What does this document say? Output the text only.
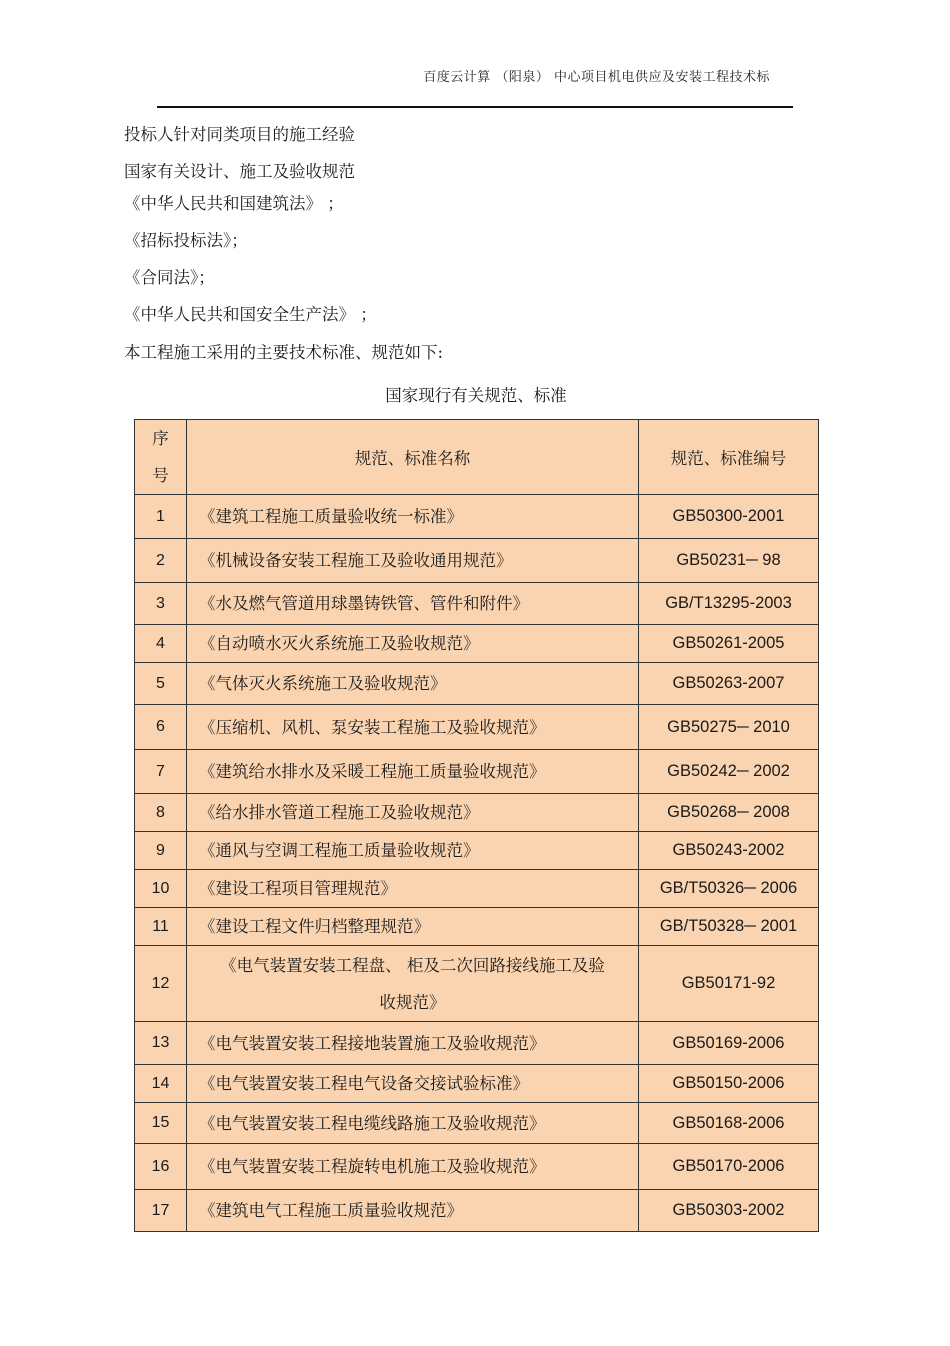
百度云计算 （阳泉） 中心项目机电供应及安装工程技术标
投标人针对同类项目的施工经验
国家有关设计、施工及验收规范
《中华人民共和国建筑法》 ；
《招标投标法》；
《合同法》；
《中华人民共和国安全生产法》 ；
本工程施工采用的主要技术标准、规范如下:
国家现行有关规范、标准
序
号	规范、标准名称	规范、标准编号
1	《建筑工程施工质量验收统一标准》	GB50300-2001
2	《机械设备安装工程施工及验收通用规范》	GB50231─ 98
3	《水及燃气管道用球墨铸铁管、管件和附件》	GB/T13295-2003
4	《自动喷水灭火系统施工及验收规范》	GB50261-2005
5	《气体灭火系统施工及验收规范》	GB50263-2007
6	《压缩机、风机、泵安装工程施工及验收规范》	GB50275─ 2010
7	《建筑给水排水及采暖工程施工质量验收规范》	GB50242─ 2002
8	《给水排水管道工程施工及验收规范》	GB50268─ 2008
9	《通风与空调工程施工质量验收规范》	GB50243-2002
10	《建设工程项目管理规范》	GB/T50326─ 2006
11	《建设工程文件归档整理规范》	GB/T50328─ 2001
12	《电气装置安装工程盘、 柜及二次回路接线施工及验
收规范》	GB50171-92
13	《电气装置安装工程接地装置施工及验收规范》	GB50169-2006
14	《电气装置安装工程电气设备交接试验标准》	GB50150-2006
15	《电气装置安装工程电缆线路施工及验收规范》	GB50168-2006
16	《电气装置安装工程旋转电机施工及验收规范》	GB50170-2006
17	《建筑电气工程施工质量验收规范》	GB50303-2002
